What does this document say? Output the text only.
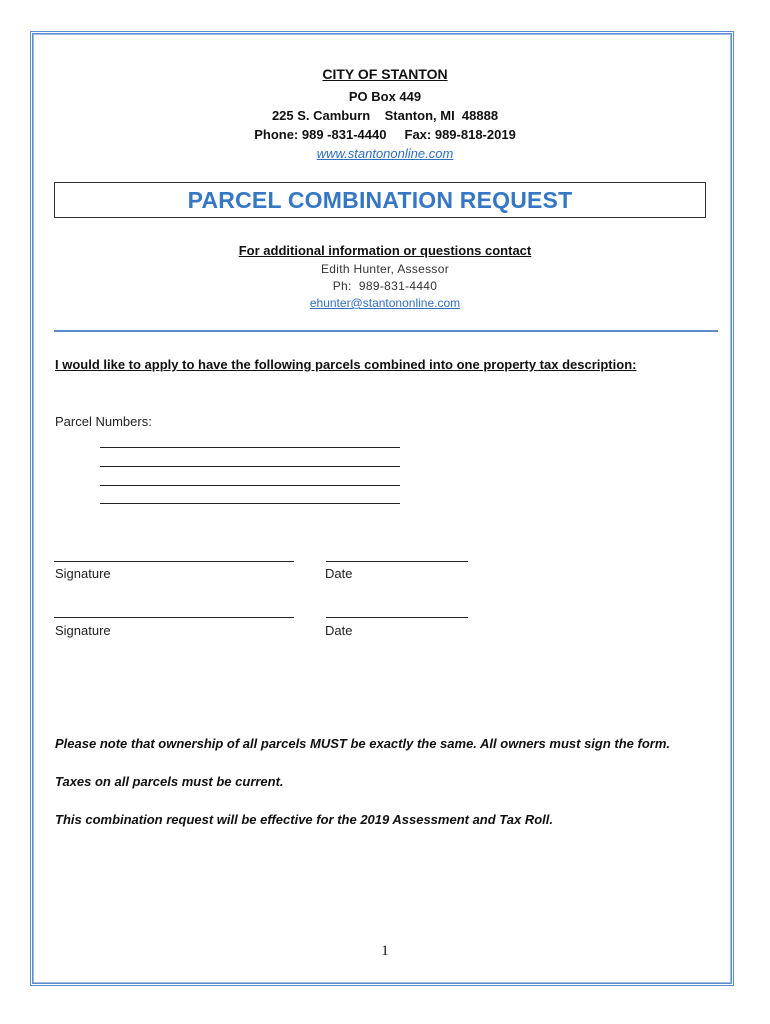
CITY OF STANTON
PO Box 449
225 S. Camburn    Stanton, MI  48888
Phone: 989 -831-4440     Fax: 989-818-2019
www.stantononline.com
PARCEL COMBINATION REQUEST
For additional information or questions contact
Edith Hunter, Assessor
Ph:  989-831-4440
ehunter@stantononline.com
I would like to apply to have the following parcels combined into one property tax description:
Parcel Numbers:
Signature	Date
Signature	Date
Please note that ownership of all parcels MUST be exactly the same. All owners must sign the form.
Taxes on all parcels must be current.
This combination request will be effective for the 2019 Assessment and Tax Roll.
1
